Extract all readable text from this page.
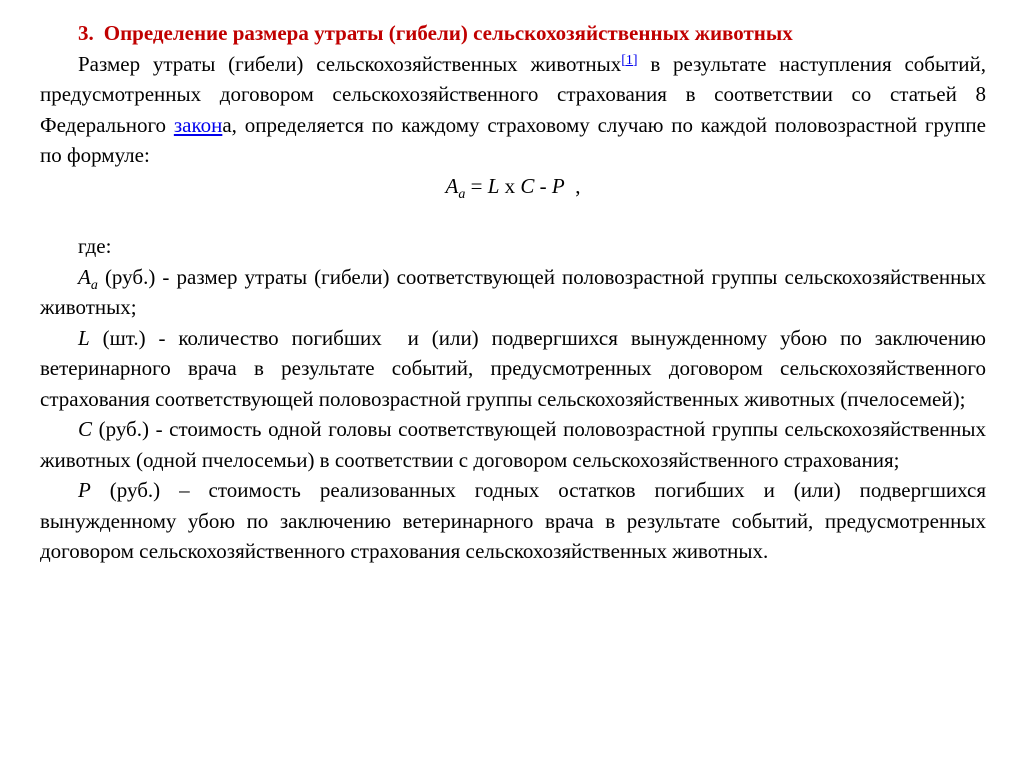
3. Определение размера утраты (гибели) сельскохозяйственных животных

Размер утраты (гибели) сельскохозяйственных животных[1] в результате наступления событий, предусмотренных договором сельскохозяйственного страхования в соответствии со статьей 8 Федерального закона, определяется по каждому страховому случаю по каждой половозрастной группе по формуле:

$A_a = L$ x C - P  ,

где:

$A_a$ (руб.) - размер утраты (гибели) соответствующей половозрастной группы сельскохозяйственных животных;

L (шт.) - количество погибших  и (или) подвергшихся вынужденному убою по заключению ветеринарного врача в результате событий, предусмотренных договором сельскохозяйственного страхования соответствующей половозрастной группы сельскохозяйственных животных (пчелосемей);

C (руб.) - стоимость одной головы соответствующей половозрастной группы сельскохозяйственных животных (одной пчелосемьи) в соответствии с договором сельскохозяйственного страхования;

P (руб.) – стоимость реализованных годных остатков погибших и (или) подвергшихся вынужденному убою по заключению ветеринарного врача в результате событий, предусмотренных договором сельскохозяйственного страхования сельскохозяйственных животных.
